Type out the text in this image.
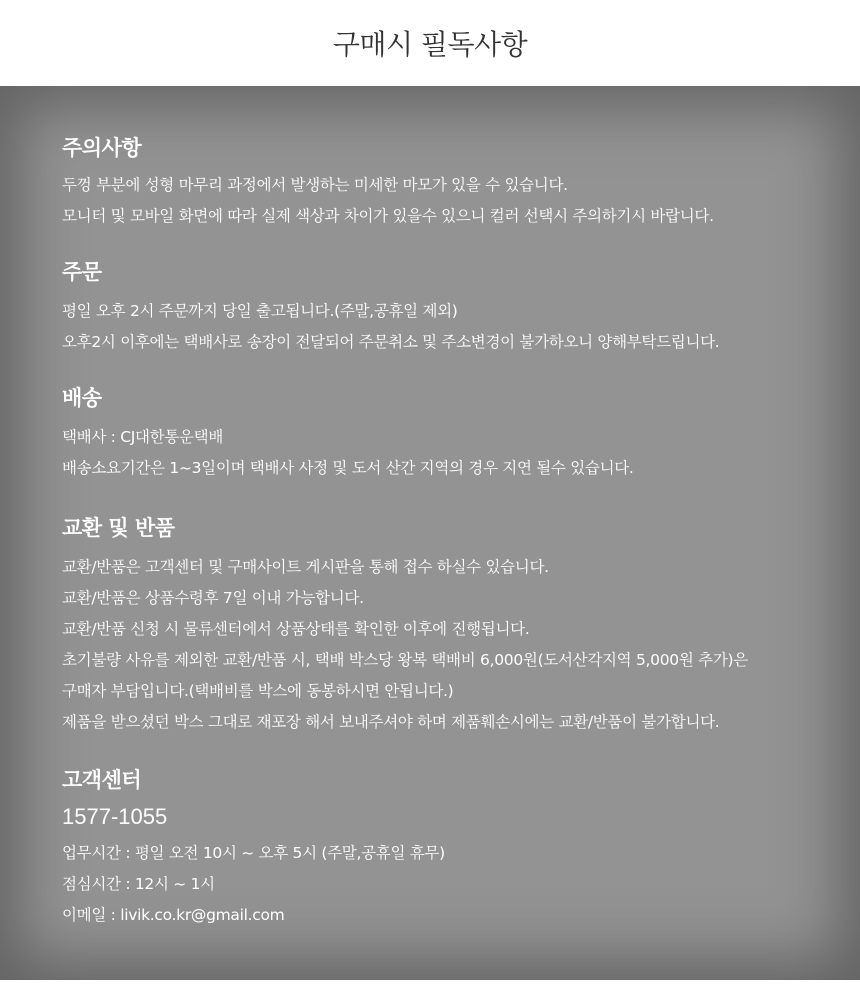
구매시 필독사항
주의사항

두껑 부분에 성형 마무리 과정에서 발생하는 미세한 마모가 있을 수 있습니다.

모니터 및 모바일 화면에 따라 실제 색상과 차이가 있을수 있으니 컬러 선택시 주의하기시 바랍니다.

주문

평일 오후 2시 주문까지 당일 출고됩니다.(주말,공휴일 제외)

오후2시 이후에는 택배사로 송장이 전달되어 주문취소 및 주소변경이 불가하오니 양해부탁드립니다.

배송

택배사 : CJ대한통운택배

배송소요기간은 1~3일이며 택배사 사정 및 도서 산간 지역의 경우 지연 될수 있습니다.

교환 및 반품

교환/반품은 고객센터 및 구매사이트 게시판을 통해 접수 하실수 있습니다.

교환/반품은 상품수령후 7일 이내 가능합니다.

교환/반품 신청 시 물류센터에서 상품상태를 확인한 이후에 진행됩니다.

초기불량 사유를 제외한 교환/반품 시, 택배 박스당 왕복 택배비 6,000원(도서산각지역 5,000원 추가)은

구매자 부담입니다.(택배비를 박스에 동봉하시면 안됩니다.)

제품을 받으셨던 박스 그대로 재포장 해서 보내주셔야 하며 제품훼손시에는 교환/반품이 불가합니다.

고객센터
1577-1055

업무시간 : 평일 오전 10시 ~ 오후 5시 (주말,공휴일 휴무)

점심시간 : 12시 ~ 1시

이메일 : livik.co.kr@gmail.com
